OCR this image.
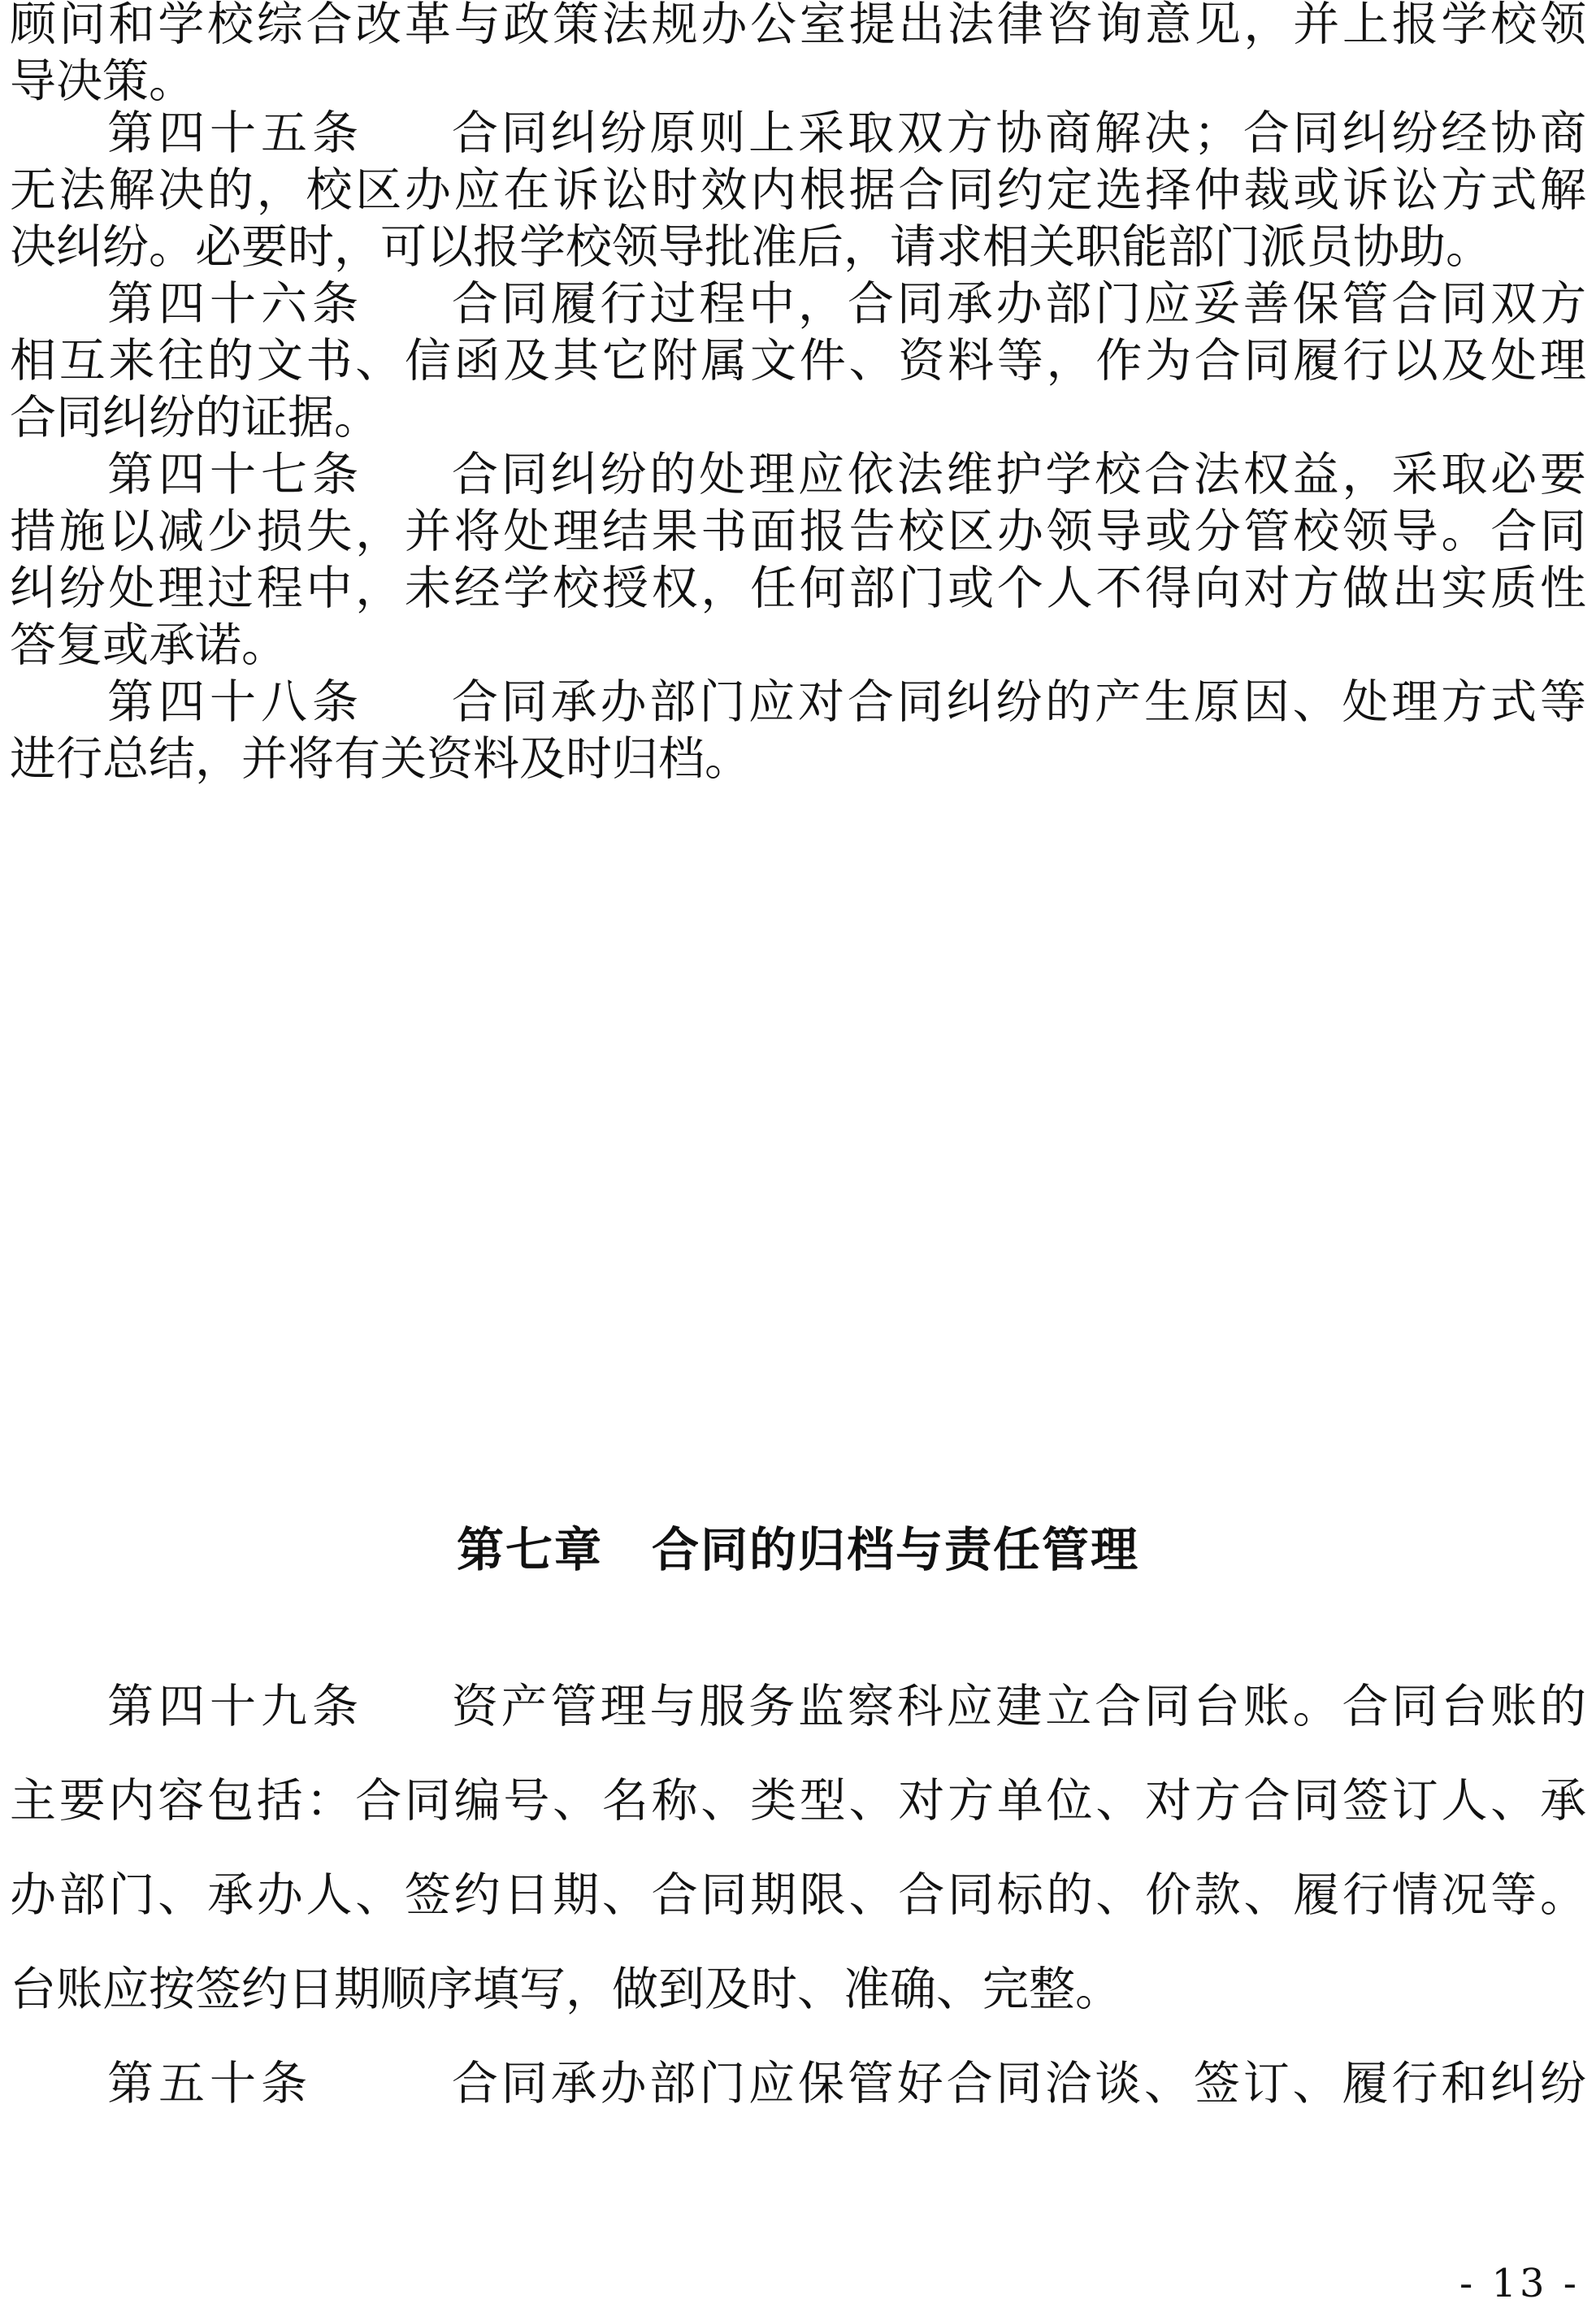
顾问和学校综合改革与政策法规办公室提出法律咨询意见，并上报学校领
导决策。
第四十五条 合同纠纷原则上采取双方协商解决；合同纠纷经协商
无法解决的，校区办应在诉讼时效内根据合同约定选择仲裁或诉讼方式解
决纠纷。必要时，可以报学校领导批准后，请求相关职能部门派员协助。
第四十六条 合同履行过程中，合同承办部门应妥善保管合同双方
相互来往的文书、信函及其它附属文件、资料等，作为合同履行以及处理
合同纠纷的证据。
第四十七条 合同纠纷的处理应依法维护学校合法权益，采取必要
措施以减少损失，并将处理结果书面报告校区办领导或分管校领导。合同
纠纷处理过程中，未经学校授权，任何部门或个人不得向对方做出实质性
答复或承诺。
第四十八条 合同承办部门应对合同纠纷的产生原因、处理方式等
进行总结，并将有关资料及时归档。
第七章　合同的归档与责任管理
第四十九条 资产管理与服务监察科应建立合同台账。合同台账的
主要内容包括：合同编号、名称、类型、对方单位、对方合同签订人、承
办部门、承办人、签约日期、合同期限、合同标的、价款、履行情况等。
台账应按签约日期顺序填写，做到及时、准确、完整。
第五十条	合同承办部门应保管好合同洽谈、签订、履行和纠纷
- 13 -
